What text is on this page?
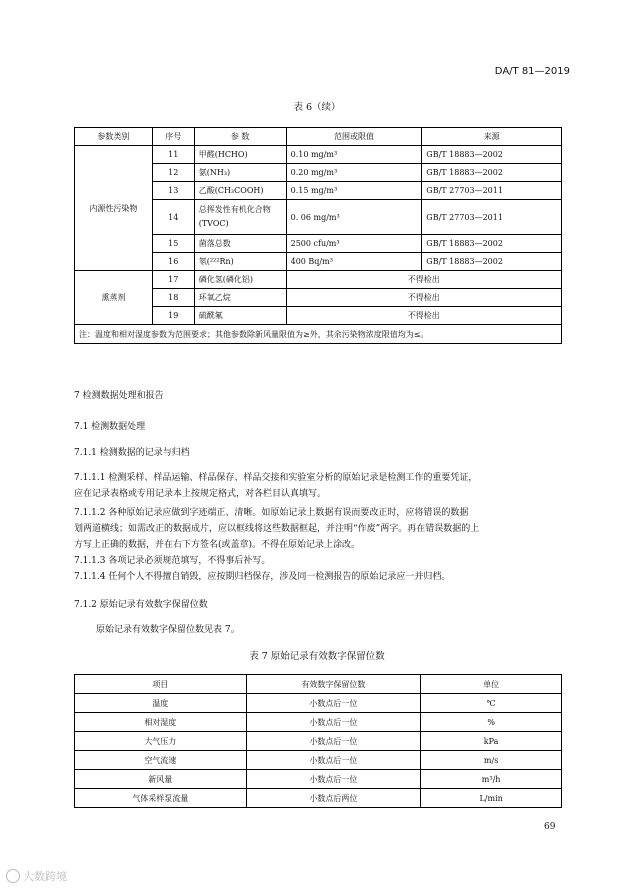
DA/T 81—2019
表 6（续）
参数类别	序号	参 数	范围或限值	来源
内源性污染物	11	甲醛(HCHO)	0.10 mg/m³	GB/T 18883—2002
	12	氨(NH₃)	0.20 mg/m³	GB/T 18883—2002
	13	乙酸(CH₃COOH)	0.15 mg/m³	GB/T 27703—2011
	14	总挥发性有机化合物(TVOC)	0. 06 mg/m³	GB/T 27703—2011
	15	菌落总数	2500 cfu/m³	GB/T 18883—2002
	16	氡(²²²Rn)	400 Bq/m³	GB/T 18883—2002
熏蒸剂	17	磷化氢(磷化铝)	不得检出	
	18	环氧乙烷	不得检出	
	19	硫酰氟	不得检出	
注：温度和相对湿度参数为范围要求；其他参数除新风量限值为≥外，其余污染物浓度限值均为≤。				
7 检测数据处理和报告
7.1 检测数据处理
7.1.1 检测数据的记录与归档
7.1.1.1 检测采样、样品运输、样品保存、样品交接和实验室分析的原始记录是检测工作的重要凭证，
应在记录表格或专用记录本上按规定格式，对各栏目认真填写。
7.1.1.2 各种原始记录应做到字迹端正、清晰。如原始记录上数据有误而要改正时，应将错误的数据
划两道横线；如需改正的数据成片，应以框线将这些数据框起，并注明“作废”两字。再在错误数据的上
方写上正确的数据，并在右下方签名(或盖章)。不得在原始记录上涂改。
7.1.1.3 各项记录必须规范填写，不得事后补写。
7.1.1.4 任何个人不得擅自销毁，应按期归档保存，涉及同一检测报告的原始记录应一并归档。
7.1.2 原始记录有效数字保留位数
原始记录有效数字保留位数见表 7。
表 7 原始记录有效数字保留位数
项目	有效数字保留位数	单位
温度	小数点后一位	℃
相对湿度	小数点后一位	%
大气压力	小数点后一位	kPa
空气流速	小数点后一位	m/s
新风量	小数点后一位	m³/h
气体采样泵流量	小数点后两位	L/min
69
大数跨境
